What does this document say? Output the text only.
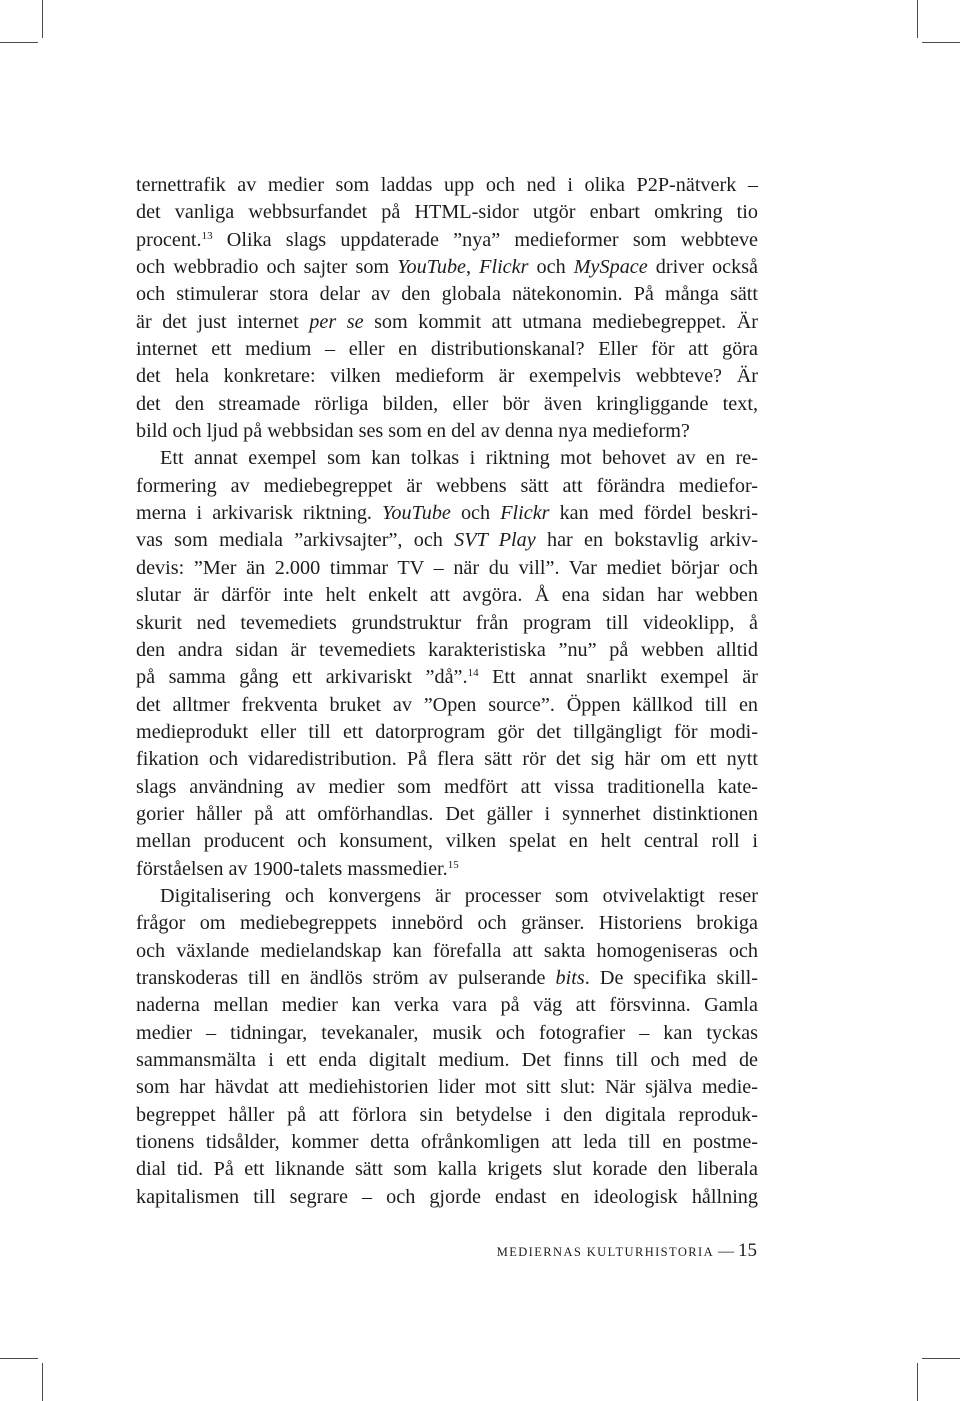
ternettrafik av medier som laddas upp och ned i olika P2P-nätverk –
det vanliga webbsurfandet på HTML-sidor utgör enbart omkring tio
procent.$^{13}$ Olika slags uppdaterade ”nya” medieformer som webbteve
och webbradio och sajter som YouTube, Flickr och MySpace driver också
och stimulerar stora delar av den globala nätekonomin. På många sätt
är det just internet per se som kommit att utmana mediebegreppet. Är
internet ett medium – eller en distributionskanal? Eller för att göra
det hela konkretare: vilken medieform är exempelvis webbteve? Är
det den streamade rörliga bilden, eller bör även kringliggande text,
bild och ljud på webbsidan ses som en del av denna nya medieform?
Ett annat exempel som kan tolkas i riktning mot behovet av en re-
formering av mediebegreppet är webbens sätt att förändra mediefor-
merna i arkivarisk riktning. YouTube och Flickr kan med fördel beskri-
vas som mediala ”arkivsajter”, och SVT Play har en bokstavlig arkiv-
devis: ”Mer än 2.000 timmar TV – när du vill”. Var mediet börjar och
slutar är därför inte helt enkelt att avgöra. Å ena sidan har webben
skurit ned tevemediets grundstruktur från program till videoklipp, å
den andra sidan är tevemediets karakteristiska ”nu” på webben alltid
på samma gång ett arkivariskt ”då”.$^{14}$ Ett annat snarlikt exempel är
det alltmer frekventa bruket av ”Open source”. Öppen källkod till en
medieprodukt eller till ett datorprogram gör det tillgängligt för modi-
fikation och vidaredistribution. På flera sätt rör det sig här om ett nytt
slags användning av medier som medfört att vissa traditionella kate-
gorier håller på att omförhandlas. Det gäller i synnerhet distinktionen
mellan producent och konsument, vilken spelat en helt central roll i
förståelsen av 1900-talets massmedier.$^{15}$
Digitalisering och konvergens är processer som otvivelaktigt reser
frågor om mediebegreppets innebörd och gränser. Historiens brokiga
och växlande medielandskap kan förefalla att sakta homogeniseras och
transkoderas till en ändlös ström av pulserande bits. De specifika skill-
naderna mellan medier kan verka vara på väg att försvinna. Gamla
medier – tidningar, tevekanaler, musik och fotografier – kan tyckas
sammansmälta i ett enda digitalt medium. Det finns till och med de
som har hävdat att mediehistorien lider mot sitt slut: När själva medie-
begreppet håller på att förlora sin betydelse i den digitala reproduk-
tionens tidsålder, kommer detta ofrånkomligen att leda till en postme-
dial tid. På ett liknande sätt som kalla krigets slut korade den liberala
kapitalismen till segrare – och gjorde endast en ideologisk hållning
MEDIERNAS KULTURHISTORIA — 15
